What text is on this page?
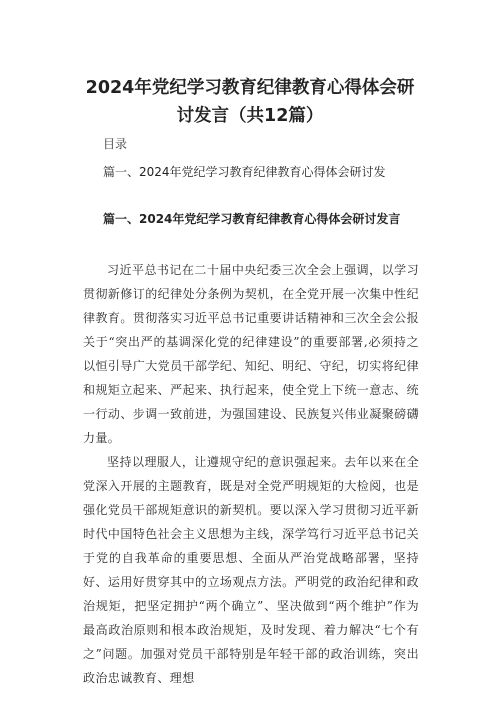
2024年党纪学习教育纪律教育心得体会研
讨发言（共12篇）
目录
篇一、2024年党纪学习教育纪律教育心得体会研讨发
篇一、2024年党纪学习教育纪律教育心得体会研讨发言

习近平总书记在二十届中央纪委三次全会上强调，以学习贯彻新修订的纪律处分条例为契机，在全党开展一次集中性纪律教育。贯彻落实习近平总书记重要讲话精神和三次全会公报关于“突出严的基调深化党的纪律建设”的重要部署,必须持之以恒引导广大党员干部学纪、知纪、明纪、守纪，切实将纪律和规矩立起来、严起来、执行起来，使全党上下统一意志、统一行动、步调一致前进，为强国建设、民族复兴伟业凝聚磅礴力量。

坚持以理服人，让遵规守纪的意识强起来。去年以来在全党深入开展的主题教育，既是对全党严明规矩的大检阅，也是强化党员干部规矩意识的新契机。要以深入学习贯彻习近平新时代中国特色社会主义思想为主线，深学笃行习近平总书记关于党的自我革命的重要思想、全面从严治党战略部署，坚持好、运用好贯穿其中的立场观点方法。严明党的政治纪律和政治规矩，把坚定拥护“两个确立”、坚决做到“两个维护”作为最高政治原则和根本政治规矩，及时发现、着力解决“七个有之”问题。加强对党员干部特别是年轻干部的政治训练，突出政治忠诚教育、理想
